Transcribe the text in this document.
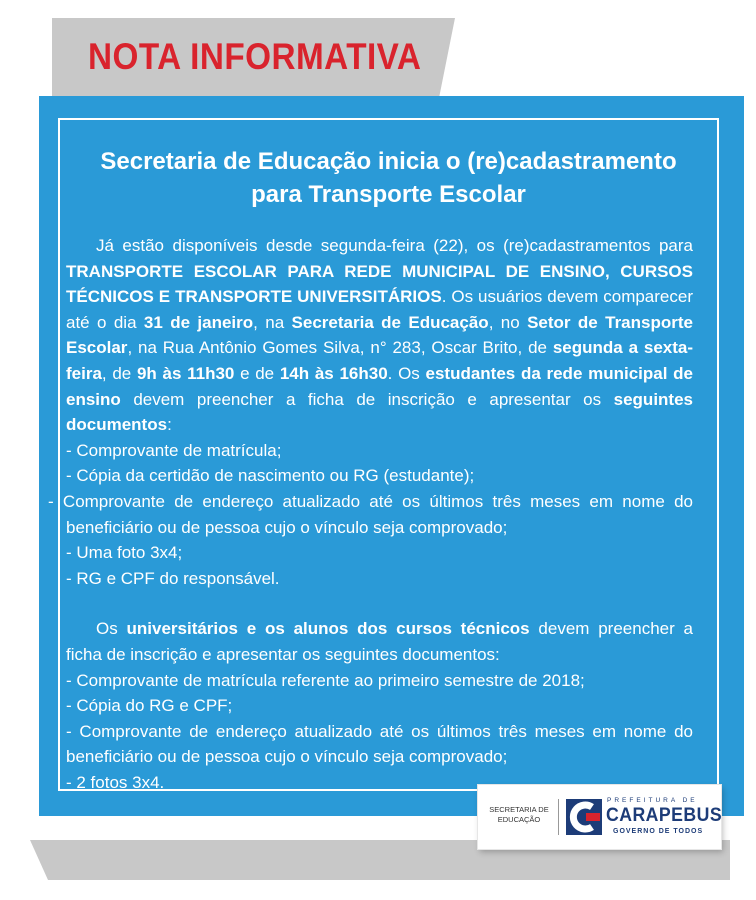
NOTA INFORMATIVA
Secretaria de Educação inicia o (re)cadastramento
para Transporte Escolar

Já estão disponíveis desde segunda-feira (22), os (re)cadastramentos para TRANSPORTE ESCOLAR PARA REDE MUNICIPAL DE ENSINO, CURSOS TÉCNICOS E TRANSPORTE UNIVERSITÁRIOS. Os usuários devem comparecer até o dia 31 de janeiro, na Secretaria de Educação, no Setor de Transporte Escolar, na Rua Antônio Gomes Silva, n° 283, Oscar Brito, de segunda a sexta-feira, de 9h às 11h30 e de 14h às 16h30. Os estudantes da rede municipal de ensino devem preencher a ficha de inscrição e apresentar os seguintes documentos:

- Comprovante de matrícula;
- Cópia da certidão de nascimento ou RG (estudante);
- Comprovante de endereço atualizado até os últimos três meses em nome do beneficiário ou de pessoa cujo o vínculo seja comprovado;
- Uma foto 3x4;
- RG e CPF do responsável.

Os universitários e os alunos dos cursos técnicos devem preencher a ficha de inscrição e apresentar os seguintes documentos:

- Comprovante de matrícula referente ao primeiro semestre de 2018;
- Cópia do RG e CPF;
- Comprovante de endereço atualizado até os últimos três meses em nome do beneficiário ou de pessoa cujo o vínculo seja comprovado;
- 2 fotos 3x4.
SECRETARIA DE
EDUCAÇÃO
PREFEITURA DE
CARAPEBUS
GOVERNO DE TODOS
